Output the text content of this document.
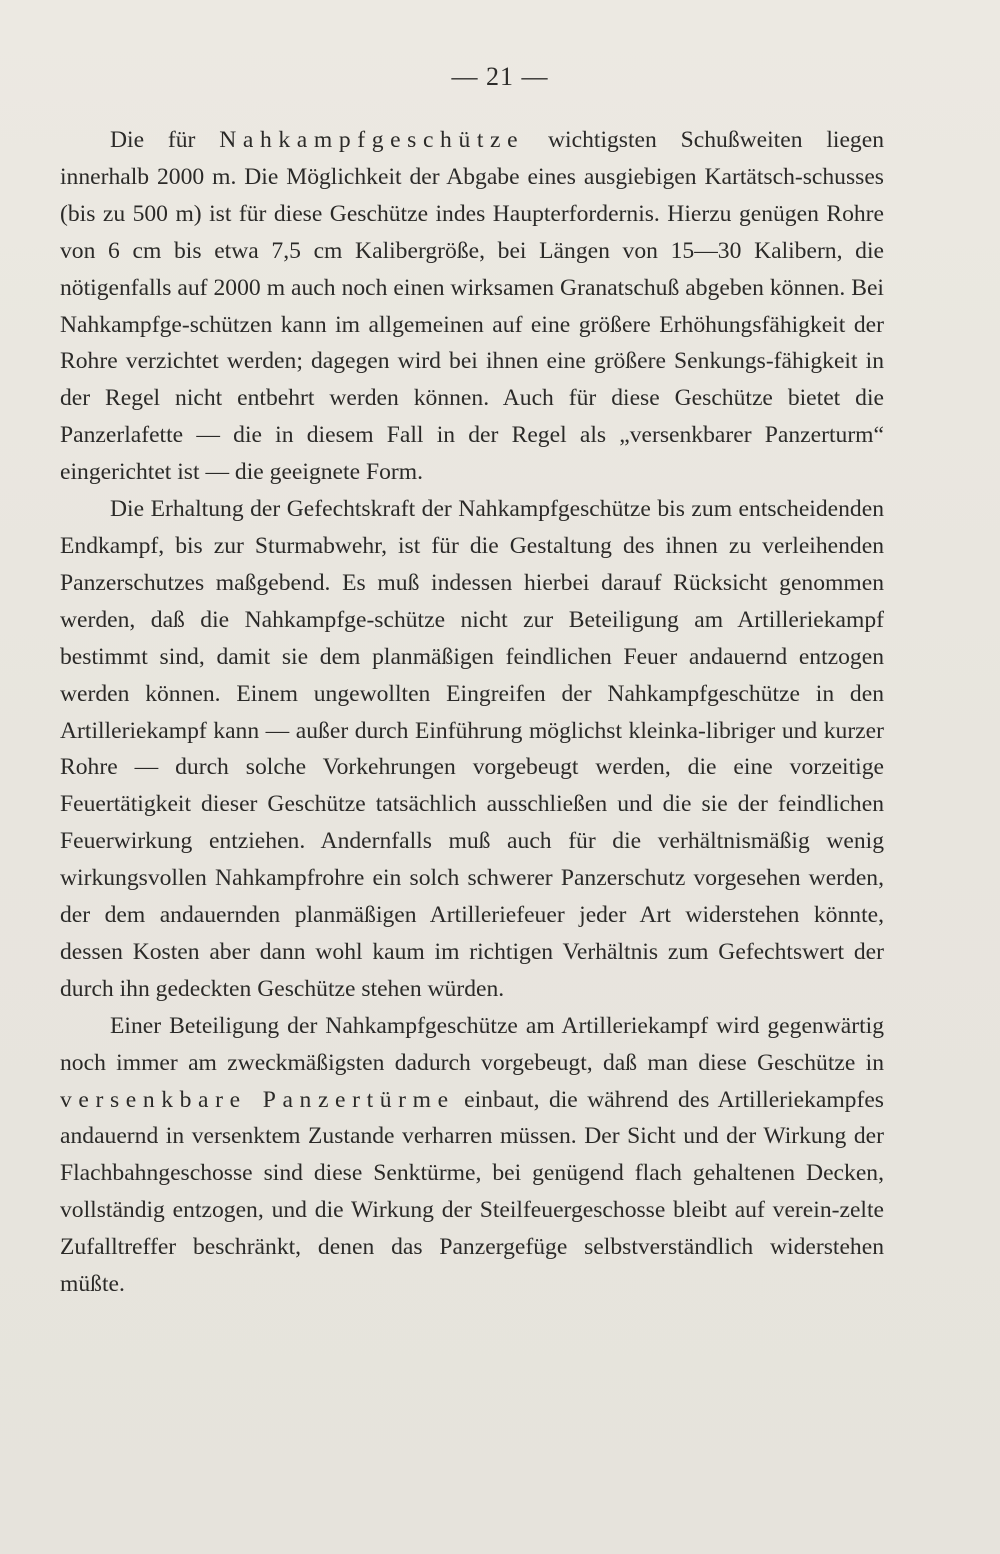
— 21 —

Die für Nahkampfgeschütze wichtigsten Schußweiten liegen innerhalb 2000 m. Die Möglichkeit der Abgabe eines ausgiebigen Kartätsch-schusses (bis zu 500 m) ist für diese Geschütze indes Haupterfordernis. Hierzu genügen Rohre von 6 cm bis etwa 7,5 cm Kalibergröße, bei Längen von 15—30 Kalibern, die nötigenfalls auf 2000 m auch noch einen wirksamen Granatschuß abgeben können. Bei Nahkampfge-schützen kann im allgemeinen auf eine größere Erhöhungsfähigkeit der Rohre verzichtet werden; dagegen wird bei ihnen eine größere Senkungs-fähigkeit in der Regel nicht entbehrt werden können. Auch für diese Geschütze bietet die Panzerlafette — die in diesem Fall in der Regel als „versenkbarer Panzerturm“ eingerichtet ist — die geeignete Form.

Die Erhaltung der Gefechtskraft der Nahkampfgeschütze bis zum entscheidenden Endkampf, bis zur Sturmabwehr, ist für die Gestaltung des ihnen zu verleihenden Panzerschutzes maßgebend. Es muß indessen hierbei darauf Rücksicht genommen werden, daß die Nahkampfge-schütze nicht zur Beteiligung am Artilleriekampf bestimmt sind, damit sie dem planmäßigen feindlichen Feuer andauernd entzogen werden können. Einem ungewollten Eingreifen der Nahkampfgeschütze in den Artilleriekampf kann — außer durch Einführung möglichst kleinka-libriger und kurzer Rohre — durch solche Vorkehrungen vorgebeugt werden, die eine vorzeitige Feuertätigkeit dieser Geschütze tatsächlich ausschließen und die sie der feindlichen Feuerwirkung entziehen. Andernfalls muß auch für die verhältnismäßig wenig wirkungsvollen Nahkampfrohre ein solch schwerer Panzerschutz vorgesehen werden, der dem andauernden planmäßigen Artilleriefeuer jeder Art widerstehen könnte, dessen Kosten aber dann wohl kaum im richtigen Verhältnis zum Gefechtswert der durch ihn gedeckten Geschütze stehen würden.

Einer Beteiligung der Nahkampfgeschütze am Artilleriekampf wird gegenwärtig noch immer am zweckmäßigsten dadurch vorgebeugt, daß man diese Geschütze in versenkbare Panzertürme einbaut, die während des Artilleriekampfes andauernd in versenktem Zustande verharren müssen. Der Sicht und der Wirkung der Flachbahngeschosse sind diese Senktürme, bei genügend flach gehaltenen Decken, vollständig entzogen, und die Wirkung der Steilfeuergeschosse bleibt auf verein-zelte Zufalltreffer beschränkt, denen das Panzergefüge selbstverständlich widerstehen müßte.
